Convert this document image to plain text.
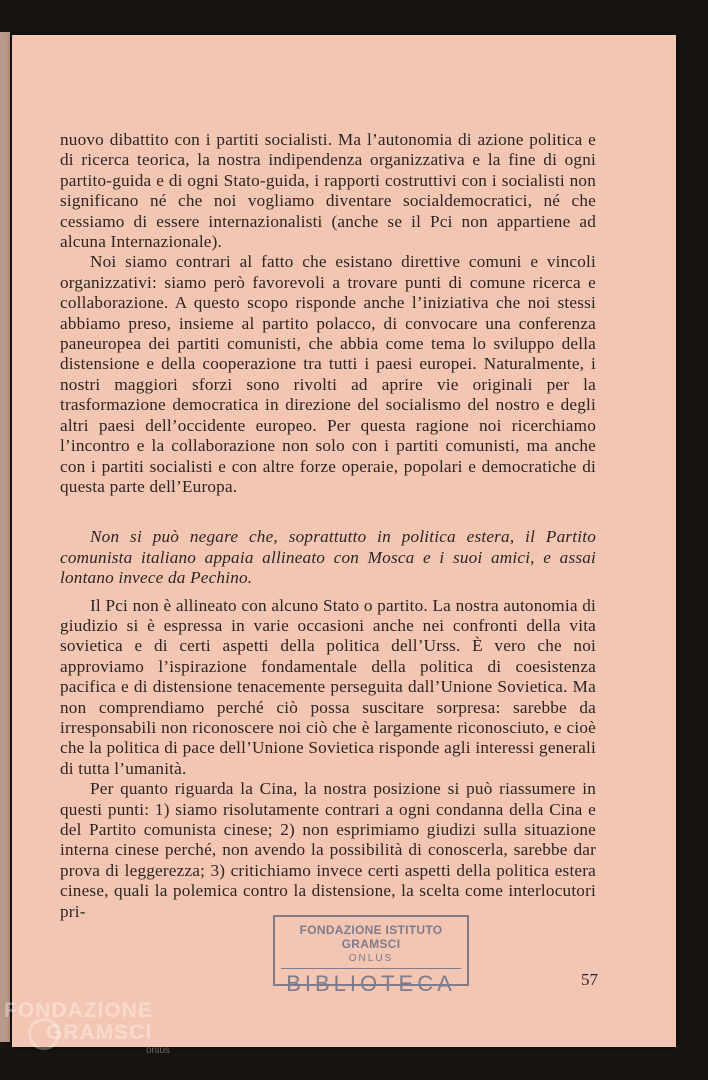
nuovo dibattito con i partiti socialisti. Ma l’autonomia di azione politica e di ricerca teorica, la nostra indipendenza organizzativa e la fine di ogni partito-guida e di ogni Stato-guida, i rapporti costruttivi con i socialisti non significano né che noi vogliamo diventare socialdemocratici, né che cessiamo di essere internazionalisti (anche se il Pci non appartiene ad alcuna Internazionale).

Noi siamo contrari al fatto che esistano direttive comuni e vincoli organizzativi: siamo però favorevoli a trovare punti di comune ricerca e collaborazione. A questo scopo risponde anche l’iniziativa che noi stessi abbiamo preso, insieme al partito polacco, di convocare una conferenza paneuropea dei partiti comunisti, che abbia come tema lo sviluppo della distensione e della cooperazione tra tutti i paesi europei. Naturalmente, i nostri maggiori sforzi sono rivolti ad aprire vie originali per la trasformazione democratica in direzione del socialismo del nostro e degli altri paesi dell’occidente europeo. Per questa ragione noi ricerchiamo l’incontro e la collaborazione non solo con i partiti comunisti, ma anche con i partiti socialisti e con altre forze operaie, popolari e democratiche di questa parte dell’Europa.

Non si può negare che, soprattutto in politica estera, il Partito comunista italiano appaia allineato con Mosca e i suoi amici, e assai lontano invece da Pechino.

Il Pci non è allineato con alcuno Stato o partito. La nostra autonomia di giudizio si è espressa in varie occasioni anche nei confronti della vita sovietica e di certi aspetti della politica dell’Urss. È vero che noi approviamo l’ispirazione fondamentale della politica di coesistenza pacifica e di distensione tenacemente perseguita dall’Unione Sovietica. Ma non comprendiamo perché ciò possa suscitare sorpresa: sarebbe da irresponsabili non riconoscere noi ciò che è largamente riconosciuto, e cioè che la politica di pace dell’Unione Sovietica risponde agli interessi generali di tutta l’umanità.

Per quanto riguarda la Cina, la nostra posizione si può riassumere in questi punti: 1) siamo risolutamente contrari a ogni condanna della Cina e del Partito comunista cinese; 2) non esprimiamo giudizi sulla situazione interna cinese perché, non avendo la possibilità di conoscerla, sarebbe dar prova di leggerezza; 3) critichiamo invece certi aspetti della politica estera cinese, quali la polemica contro la distensione, la scelta come interlocutori pri-

57
FONDAZIONE ISTITUTO GRAMSCI
ONLUS
BIBLIOTECA
FONDAZIONE
GRAMSCI
onlus
